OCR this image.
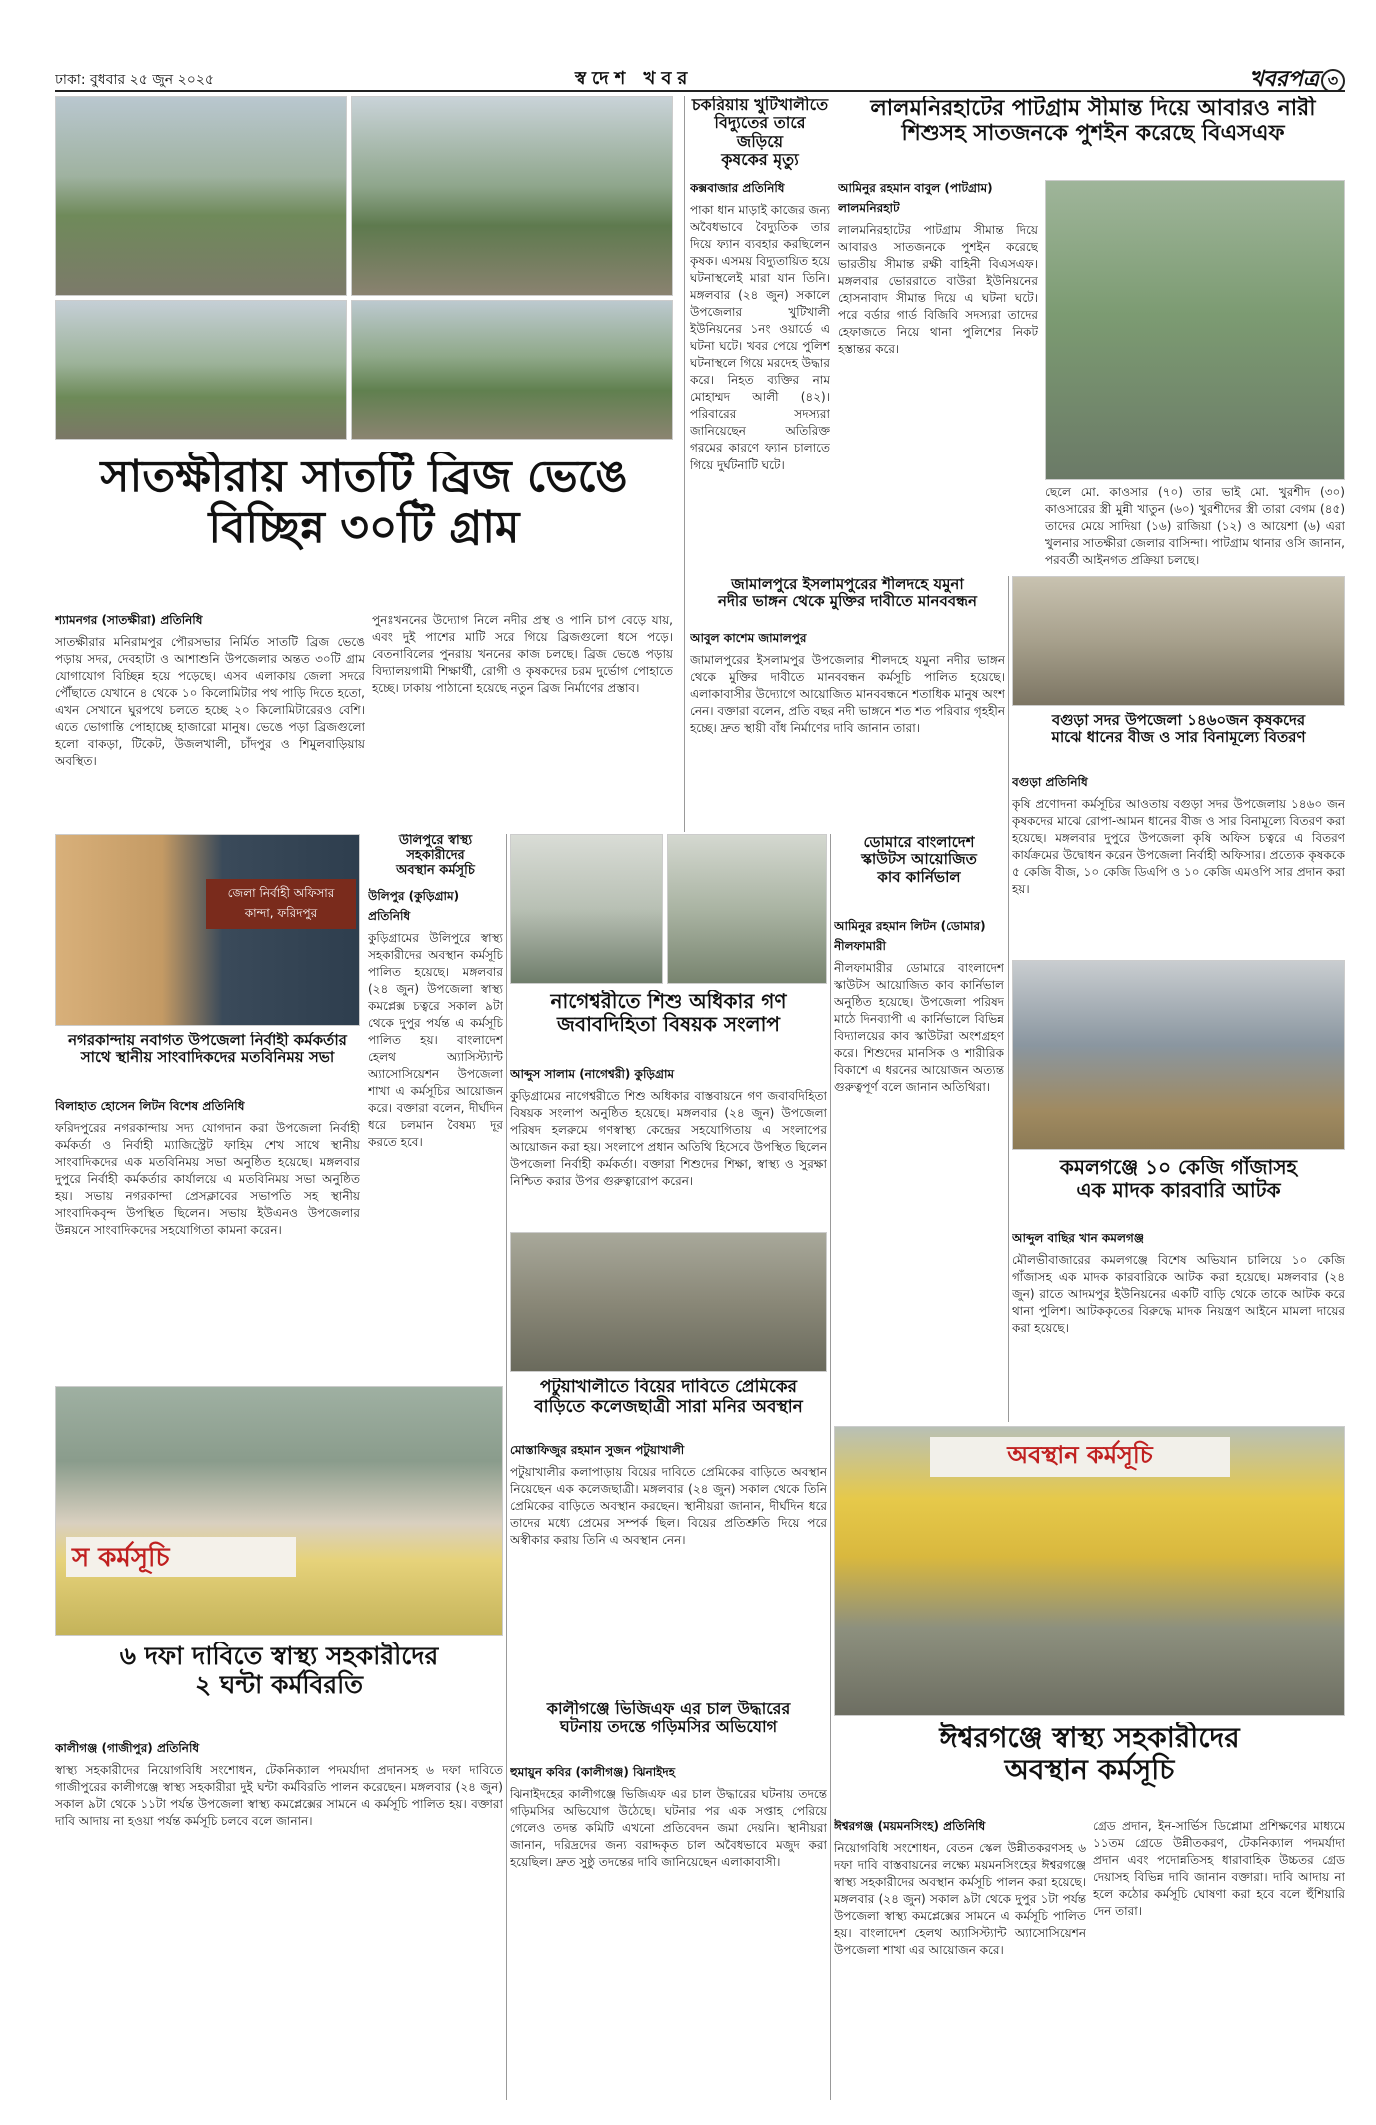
ঢাকা: বুধবার ২৫ জুন ২০২৫	স্বদেশ খবর	খবরপত্র ৩
সাতক্ষীরায় সাতটি ব্রিজ ভেঙে
বিচ্ছিন্ন ৩০টি গ্রাম
শ্যামনগর (সাতক্ষীরা) প্রতিনিধি
সাতক্ষীরার মনিরামপুর পৌরসভার নির্মিত সাতটি ব্রিজ ভেঙে পড়ায় সদর, দেবহাটা ও আশাশুনি উপজেলার অন্তত ৩০টি গ্রাম যোগাযোগ বিচ্ছিন্ন হয়ে পড়েছে। এসব এলাকায় জেলা সদরে পৌঁছাতে যেখানে ৪ থেকে ১০ কিলোমিটার পথ পাড়ি দিতে হতো, এখন সেখানে ঘুরপথে চলতে হচ্ছে ২০ কিলোমিটারেরও বেশি। এতে ভোগান্তি পোহাচ্ছে হাজারো মানুষ। ভেঙে পড়া ব্রিজগুলো হলো বাকড়া, টিকেট, উজলখালী, চাঁদপুর ও শিমুলবাড়িয়ায় অবস্থিত।
পুনঃখননের উদ্যোগ নিলে নদীর প্রস্থ ও পানি চাপ বেড়ে যায়, এবং দুই পাশের মাটি সরে গিয়ে ব্রিজগুলো ধসে পড়ে। বেতনাবিলের পুনরায় খননের কাজ চলছে। ব্রিজ ভেঙে পড়ায় বিদ্যালয়গামী শিক্ষার্থী, রোগী ও কৃষকদের চরম দুর্ভোগ পোহাতে হচ্ছে। ঢাকায় পাঠানো হয়েছে নতুন ব্রিজ নির্মাণের প্রস্তাব।
চকরিয়ায় খুটিখালীতে
বিদ্যুতের তারে জড়িয়ে
কৃষকের মৃত্যু
কক্সবাজার প্রতিনিধি
পাকা ধান মাড়াই কাজের জন্য অবৈধভাবে বৈদ্যুতিক তার দিয়ে ফ্যান ব্যবহার করছিলেন কৃষক। এসময় বিদ্যুতায়িত হয়ে ঘটনাস্থলেই মারা যান তিনি। মঙ্গলবার (২৪ জুন) সকালে উপজেলার খুটিখালী ইউনিয়নের ১নং ওয়ার্ডে এ ঘটনা ঘটে। খবর পেয়ে পুলিশ ঘটনাস্থলে গিয়ে মরদেহ উদ্ধার করে। নিহত ব্যক্তির নাম মোহাম্মদ আলী (৪২)। পরিবারের সদস্যরা জানিয়েছেন অতিরিক্ত গরমের কারণে ফ্যান চালাতে গিয়ে দুর্ঘটনাটি ঘটে।
লালমনিরহাটের পাটগ্রাম সীমান্ত দিয়ে আবারও নারী
শিশুসহ সাতজনকে পুশইন করেছে বিএসএফ
আমিনুর রহমান বাবুল (পাটগ্রাম) লালমনিরহাট
লালমনিরহাটের পাটগ্রাম সীমান্ত দিয়ে আবারও সাতজনকে পুশইন করেছে ভারতীয় সীমান্ত রক্ষী বাহিনী বিএসএফ। মঙ্গলবার ভোররাতে বাউরা ইউনিয়নের হোসনাবাদ সীমান্ত দিয়ে এ ঘটনা ঘটে। পরে বর্ডার গার্ড বিজিবি সদস্যরা তাদের হেফাজতে নিয়ে থানা পুলিশের নিকট হস্তান্তর করে।
ছেলে মো. কাওসার (৭০) তার ভাই মো. খুরশীদ (৩০) কাওসারের স্ত্রী মুন্নী খাতুন (৬০) খুরশীদের স্ত্রী তারা বেগম (৪৫) তাদের মেয়ে সাদিয়া (১৬) রাজিয়া (১২) ও আয়েশা (৬) এরা খুলনার সাতক্ষীরা জেলার বাসিন্দা। পাটগ্রাম থানার ওসি জানান, পরবর্তী আইনগত প্রক্রিয়া চলছে।
জামালপুরে ইসলামপুরের শীলদহে যমুনা
নদীর ভাঙ্গন থেকে মুক্তির দাবীতে মানববন্ধন
আবুল কাশেম জামালপুর
জামালপুরের ইসলামপুর উপজেলার শীলদহে যমুনা নদীর ভাঙ্গন থেকে মুক্তির দাবীতে মানববন্ধন কর্মসূচি পালিত হয়েছে। এলাকাবাসীর উদ্যোগে আয়োজিত মানববন্ধনে শতাধিক মানুষ অংশ নেন। বক্তারা বলেন, প্রতি বছর নদী ভাঙ্গনে শত শত পরিবার গৃহহীন হচ্ছে। দ্রুত স্থায়ী বাঁধ নির্মাণের দাবি জানান তারা।	বগুড়া সদর উপজেলা ১৪৬০জন কৃষকদের
মাঝে ধানের বীজ ও সার বিনামূল্যে বিতরণ
বগুড়া প্রতিনিধি
কৃষি প্রণোদনা কর্মসূচির আওতায় বগুড়া সদর উপজেলায় ১৪৬০ জন কৃষকদের মাঝে রোপা-আমন ধানের বীজ ও সার বিনামূল্যে বিতরণ করা হয়েছে। মঙ্গলবার দুপুরে উপজেলা কৃষি অফিস চত্বরে এ বিতরণ কার্যক্রমের উদ্বোধন করেন উপজেলা নির্বাহী অফিসার। প্রত্যেক কৃষককে ৫ কেজি বীজ, ১০ কেজি ডিএপি ও ১০ কেজি এমওপি সার প্রদান করা হয়।
জেলা নির্বাহী অফিসার
কান্দা, ফরিদপুর
নগরকান্দায় নবাগত উপজেলা নির্বাহী কর্মকর্তার
সাথে স্থানীয় সাংবাদিকদের মতবিনিময় সভা
বিলাহাত হোসেন লিটন বিশেষ প্রতিনিধি
ফরিদপুরের নগরকান্দায় সদ্য যোগদান করা উপজেলা নির্বাহী কর্মকর্তা ও নির্বাহী ম্যাজিস্ট্রেট ফাহিম শেখ সাথে স্থানীয় সাংবাদিকদের এক মতবিনিময় সভা অনুষ্ঠিত হয়েছে। মঙ্গলবার দুপুরে নির্বাহী কর্মকর্তার কার্যালয়ে এ মতবিনিময় সভা অনুষ্ঠিত হয়। সভায় নগরকান্দা প্রেসক্লাবের সভাপতি সহ স্থানীয় সাংবাদিকবৃন্দ উপস্থিত ছিলেন। সভায় ইউএনও উপজেলার উন্নয়নে সাংবাদিকদের সহযোগিতা কামনা করেন।
উলিপুরে স্বাস্থ্য সহকারীদের
অবস্থান কর্মসূচি
উলিপুর (কুড়িগ্রাম) প্রতিনিধি
কুড়িগ্রামের উলিপুরে স্বাস্থ্য সহকারীদের অবস্থান কর্মসূচি পালিত হয়েছে। মঙ্গলবার (২৪ জুন) উপজেলা স্বাস্থ্য কমপ্লেক্স চত্বরে সকাল ৯টা থেকে দুপুর পর্যন্ত এ কর্মসূচি পালিত হয়। বাংলাদেশ হেলথ অ্যাসিস্ট্যান্ট অ্যাসোসিয়েশন উপজেলা শাখা এ কর্মসূচির আয়োজন করে। বক্তারা বলেন, দীর্ঘদিন ধরে চলমান বৈষম্য দূর করতে হবে।
নাগেশ্বরীতে শিশু অধিকার গণ
জবাবদিহিতা বিষয়ক সংলাপ
আব্দুস সালাম (নাগেশ্বরী) কুড়িগ্রাম
কুড়িগ্রামের নাগেশ্বরীতে শিশু অধিকার বাস্তবায়নে গণ জবাবদিহিতা বিষয়ক সংলাপ অনুষ্ঠিত হয়েছে। মঙ্গলবার (২৪ জুন) উপজেলা পরিষদ হলরুমে গণস্বাস্থ্য কেন্দ্রের সহযোগিতায় এ সংলাপের আয়োজন করা হয়। সংলাপে প্রধান অতিথি হিসেবে উপস্থিত ছিলেন উপজেলা নির্বাহী কর্মকর্তা। বক্তারা শিশুদের শিক্ষা, স্বাস্থ্য ও সুরক্ষা নিশ্চিত করার উপর গুরুত্বারোপ করেন।
ডোমারে বাংলাদেশ
স্কাউটস আয়োজিত
কাব কার্নিভাল
আমিনুর রহমান লিটন (ডোমার) নীলফামারী
নীলফামারীর ডোমারে বাংলাদেশ স্কাউটস আয়োজিত কাব কার্নিভাল অনুষ্ঠিত হয়েছে। উপজেলা পরিষদ মাঠে দিনব্যাপী এ কার্নিভালে বিভিন্ন বিদ্যালয়ের কাব স্কাউটরা অংশগ্রহণ করে। শিশুদের মানসিক ও শারীরিক বিকাশে এ ধরনের আয়োজন অত্যন্ত গুরুত্বপূর্ণ বলে জানান অতিথিরা।
কমলগঞ্জে ১০ কেজি গাঁজাসহ
এক মাদক কারবারি আটক
আব্দুল বাছির খান কমলগঞ্জ
মৌলভীবাজারের কমলগঞ্জে বিশেষ অভিযান চালিয়ে ১০ কেজি গাঁজাসহ এক মাদক কারবারিকে আটক করা হয়েছে। মঙ্গলবার (২৪ জুন) রাতে আদমপুর ইউনিয়নের একটি বাড়ি থেকে তাকে আটক করে থানা পুলিশ। আটককৃতের বিরুদ্ধে মাদক নিয়ন্ত্রণ আইনে মামলা দায়ের করা হয়েছে।
পটুয়াখালীতে বিয়ের দাবিতে প্রেমিকের
বাড়িতে কলেজছাত্রী সারা মনির অবস্থান
মোস্তাফিজুর রহমান সুজন পটুয়াখালী
পটুয়াখালীর কলাপাড়ায় বিয়ের দাবিতে প্রেমিকের বাড়িতে অবস্থান নিয়েছেন এক কলেজছাত্রী। মঙ্গলবার (২৪ জুন) সকাল থেকে তিনি প্রেমিকের বাড়িতে অবস্থান করছেন। স্থানীয়রা জানান, দীর্ঘদিন ধরে তাদের মধ্যে প্রেমের সম্পর্ক ছিল। বিয়ের প্রতিশ্রুতি দিয়ে পরে অস্বীকার করায় তিনি এ অবস্থান নেন।
স কর্মসূচি
৬ দফা দাবিতে স্বাস্থ্য সহকারীদের
২ ঘন্টা কর্মবিরতি
কালীগঞ্জ (গাজীপুর) প্রতিনিধি
স্বাস্থ্য সহকারীদের নিয়োগবিধি সংশোধন, টেকনিক্যাল পদমর্যাদা প্রদানসহ ৬ দফা দাবিতে গাজীপুরের কালীগঞ্জে স্বাস্থ্য সহকারীরা দুই ঘন্টা কর্মবিরতি পালন করেছেন। মঙ্গলবার (২৪ জুন) সকাল ৯টা থেকে ১১টা পর্যন্ত উপজেলা স্বাস্থ্য কমপ্লেক্সের সামনে এ কর্মসূচি পালিত হয়। বক্তারা দাবি আদায় না হওয়া পর্যন্ত কর্মসূচি চলবে বলে জানান।
কালীগঞ্জে ভিজিএফ এর চাল উদ্ধারের
ঘটনায় তদন্তে গড়িমসির অভিযোগ
হুমায়ুন কবির (কালীগঞ্জ) ঝিনাইদহ
ঝিনাইদহের কালীগঞ্জে ভিজিএফ এর চাল উদ্ধারের ঘটনায় তদন্তে গড়িমসির অভিযোগ উঠেছে। ঘটনার পর এক সপ্তাহ পেরিয়ে গেলেও তদন্ত কমিটি এখনো প্রতিবেদন জমা দেয়নি। স্থানীয়রা জানান, দরিদ্রদের জন্য বরাদ্দকৃত চাল অবৈধভাবে মজুদ করা হয়েছিল। দ্রুত সুষ্ঠু তদন্তের দাবি জানিয়েছেন এলাকাবাসী।
অবস্থান কর্মসূচি
ঈশ্বরগঞ্জে স্বাস্থ্য সহকারীদের
অবস্থান কর্মসূচি
ঈশ্বরগঞ্জ (ময়মনসিংহ) প্রতিনিধি
নিয়োগবিধি সংশোধন, বেতন স্কেল উন্নীতকরণসহ ৬ দফা দাবি বাস্তবায়নের লক্ষ্যে ময়মনসিংহের ঈশ্বরগঞ্জে স্বাস্থ্য সহকারীদের অবস্থান কর্মসূচি পালন করা হয়েছে। মঙ্গলবার (২৪ জুন) সকাল ৯টা থেকে দুপুর ১টা পর্যন্ত উপজেলা স্বাস্থ্য কমপ্লেক্সের সামনে এ কর্মসূচি পালিত হয়। বাংলাদেশ হেলথ অ্যাসিস্ট্যান্ট অ্যাসোসিয়েশন উপজেলা শাখা এর আয়োজন করে।
গ্রেড প্রদান, ইন-সার্ভিস ডিপ্লোমা প্রশিক্ষণের মাধ্যমে ১১তম গ্রেডে উন্নীতকরণ, টেকনিক্যাল পদমর্যাদা প্রদান এবং পদোন্নতিসহ ধারাবাহিক উচ্চতর গ্রেড দেয়াসহ বিভিন্ন দাবি জানান বক্তারা। দাবি আদায় না হলে কঠোর কর্মসূচি ঘোষণা করা হবে বলে হুঁশিয়ারি দেন তারা।
